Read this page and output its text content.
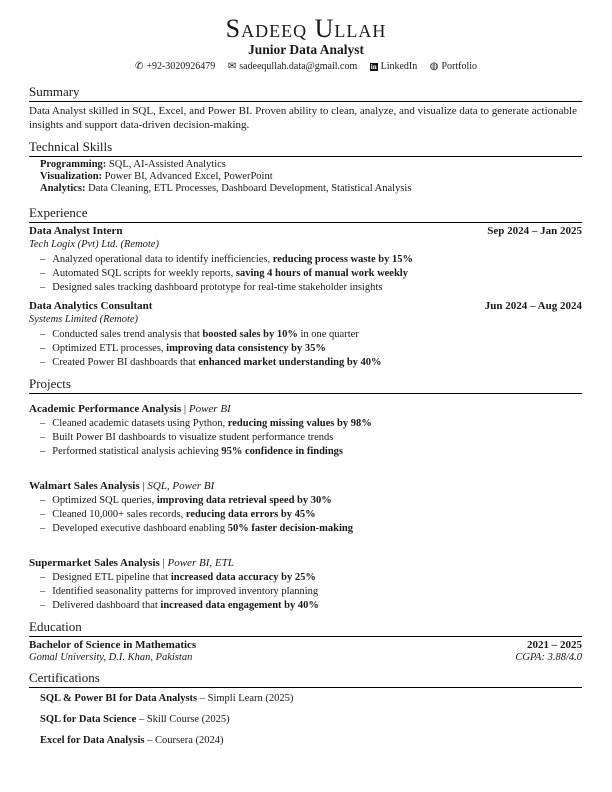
Sadeeq Ullah
Junior Data Analyst
✆ +92-3020926479 ✉ sadeequllah.data@gmail.com in LinkedIn ◍ Portfolio
Summary
Data Analyst skilled in SQL, Excel, and Power BI. Proven ability to clean, analyze, and visualize data to generate actionable insights and support data-driven decision-making.
Technical Skills
Programming: SQL, AI-Assisted Analytics
Visualization: Power BI, Advanced Excel, PowerPoint
Analytics: Data Cleaning, ETL Processes, Dashboard Development, Statistical Analysis
Experience
Data Analyst Intern	Sep 2024 – Jan 2025
Tech Logix (Pvt) Ltd. (Remote)
– Analyzed operational data to identify inefficiencies, reducing process waste by 15%
– Automated SQL scripts for weekly reports, saving 4 hours of manual work weekly
– Designed sales tracking dashboard prototype for real-time stakeholder insights
Data Analytics Consultant	Jun 2024 – Aug 2024
Systems Limited (Remote)
– Conducted sales trend analysis that boosted sales by 10% in one quarter
– Optimized ETL processes, improving data consistency by 35%
– Created Power BI dashboards that enhanced market understanding by 40%
Projects
Academic Performance Analysis | Power BI
– Cleaned academic datasets using Python, reducing missing values by 98%
– Built Power BI dashboards to visualize student performance trends
– Performed statistical analysis achieving 95% confidence in findings
Walmart Sales Analysis | SQL, Power BI
– Optimized SQL queries, improving data retrieval speed by 30%
– Cleaned 10,000+ sales records, reducing data errors by 45%
– Developed executive dashboard enabling 50% faster decision-making
Supermarket Sales Analysis | Power BI, ETL
– Designed ETL pipeline that increased data accuracy by 25%
– Identified seasonality patterns for improved inventory planning
– Delivered dashboard that increased data engagement by 40%
Education
Bachelor of Science in Mathematics	2021 – 2025
Gomal University, D.I. Khan, Pakistan	CGPA: 3.88/4.0
Certifications
SQL & Power BI for Data Analysts – Simpli Learn (2025)
SQL for Data Science – Skill Course (2025)
Excel for Data Analysis – Coursera (2024)
